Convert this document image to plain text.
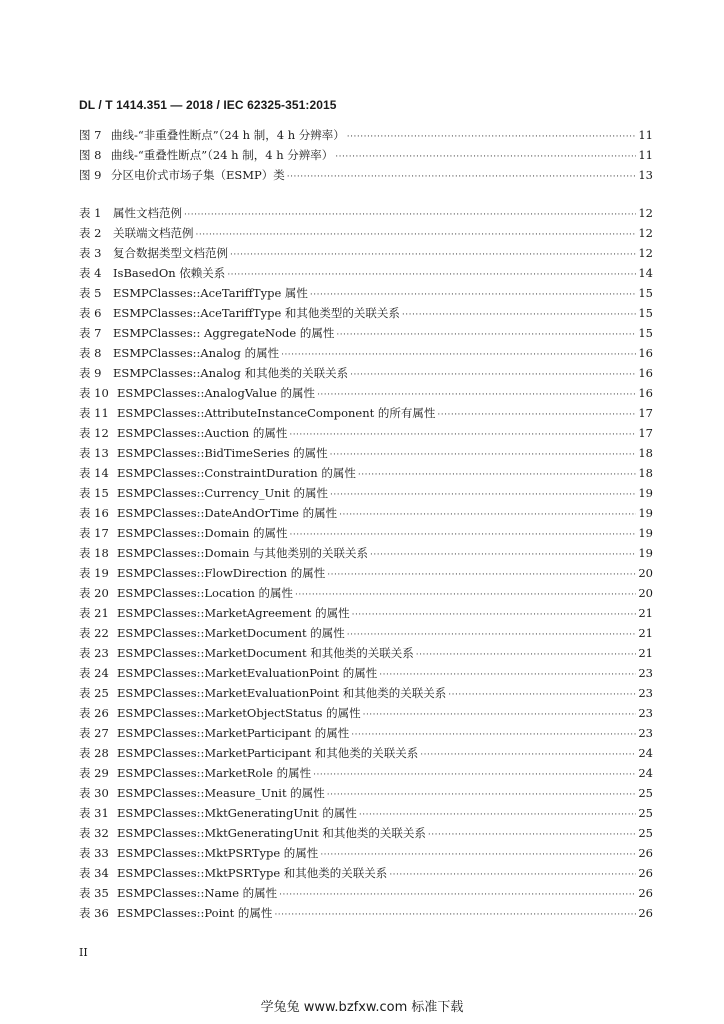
DL / T 1414.351 — 2018 / IEC 62325-351:2015
图 7 曲线-“非重叠性断点”（24 h 制，4 h 分辨率） ·····	11
图 8 曲线-“重叠性断点”（24 h 制，4 h 分辨率） ·····	11
图 9 分区电价式市场子集（ESMP）类 ·····	13
表 1	属性文档范例 ·····	12
表 2	关联端文档范例 ·····	12
表 3	复合数据类型文档范例 ·····	12
表 4	IsBasedOn 依赖关系 ·····	14
表 5	ESMPClasses::AceTariffType 属性 ·····	15
表 6	ESMPClasses::AceTariffType 和其他类型的关联关系 ·····	15
表 7	ESMPClasses:: AggregateNode 的属性 ·····	15
表 8	ESMPClasses::Analog 的属性 ·····	16
表 9	ESMPClasses::Analog 和其他类的关联关系 ·····	16
表 10 ESMPClasses::AnalogValue 的属性 ·····	16
表 11 ESMPClasses::AttributeInstanceComponent 的所有属性 ·····	17
表 12 ESMPClasses::Auction 的属性 ·····	17
表 13 ESMPClasses::BidTimeSeries 的属性 ·····	18
表 14 ESMPClasses::ConstraintDuration 的属性 ·····	18
表 15 ESMPClasses::Currency_Unit 的属性 ·····	19
表 16 ESMPClasses::DateAndOrTime 的属性 ·····	19
表 17 ESMPClasses::Domain 的属性 ·····	19
表 18 ESMPClasses::Domain 与其他类别的关联关系 ·····	19
表 19 ESMPClasses::FlowDirection 的属性 ·····	20
表 20 ESMPClasses::Location 的属性 ·····	20
表 21 ESMPClasses::MarketAgreement 的属性 ·····	21
表 22 ESMPClasses::MarketDocument 的属性 ·····	21
表 23 ESMPClasses::MarketDocument 和其他类的关联关系 ·····	21
表 24 ESMPClasses::MarketEvaluationPoint 的属性 ·····	23
表 25 ESMPClasses::MarketEvaluationPoint 和其他类的关联关系 ·····	23
表 26 ESMPClasses::MarketObjectStatus 的属性 ·····	23
表 27 ESMPClasses::MarketParticipant 的属性 ·····	23
表 28 ESMPClasses::MarketParticipant 和其他类的关联关系 ·····	24
表 29 ESMPClasses::MarketRole 的属性 ·····	24
表 30 ESMPClasses::Measure_Unit 的属性 ·····	25
表 31 ESMPClasses::MktGeneratingUnit 的属性 ·····	25
表 32 ESMPClasses::MktGeneratingUnit 和其他类的关联关系 ·····	25
表 33 ESMPClasses::MktPSRType 的属性 ·····	26
表 34 ESMPClasses::MktPSRType 和其他类的关联关系 ·····	26
表 35 ESMPClasses::Name 的属性 ·····	26
表 36 ESMPClasses::Point 的属性 ·····	26
II
学兔兔 www.bzfxw.com 标准下载
